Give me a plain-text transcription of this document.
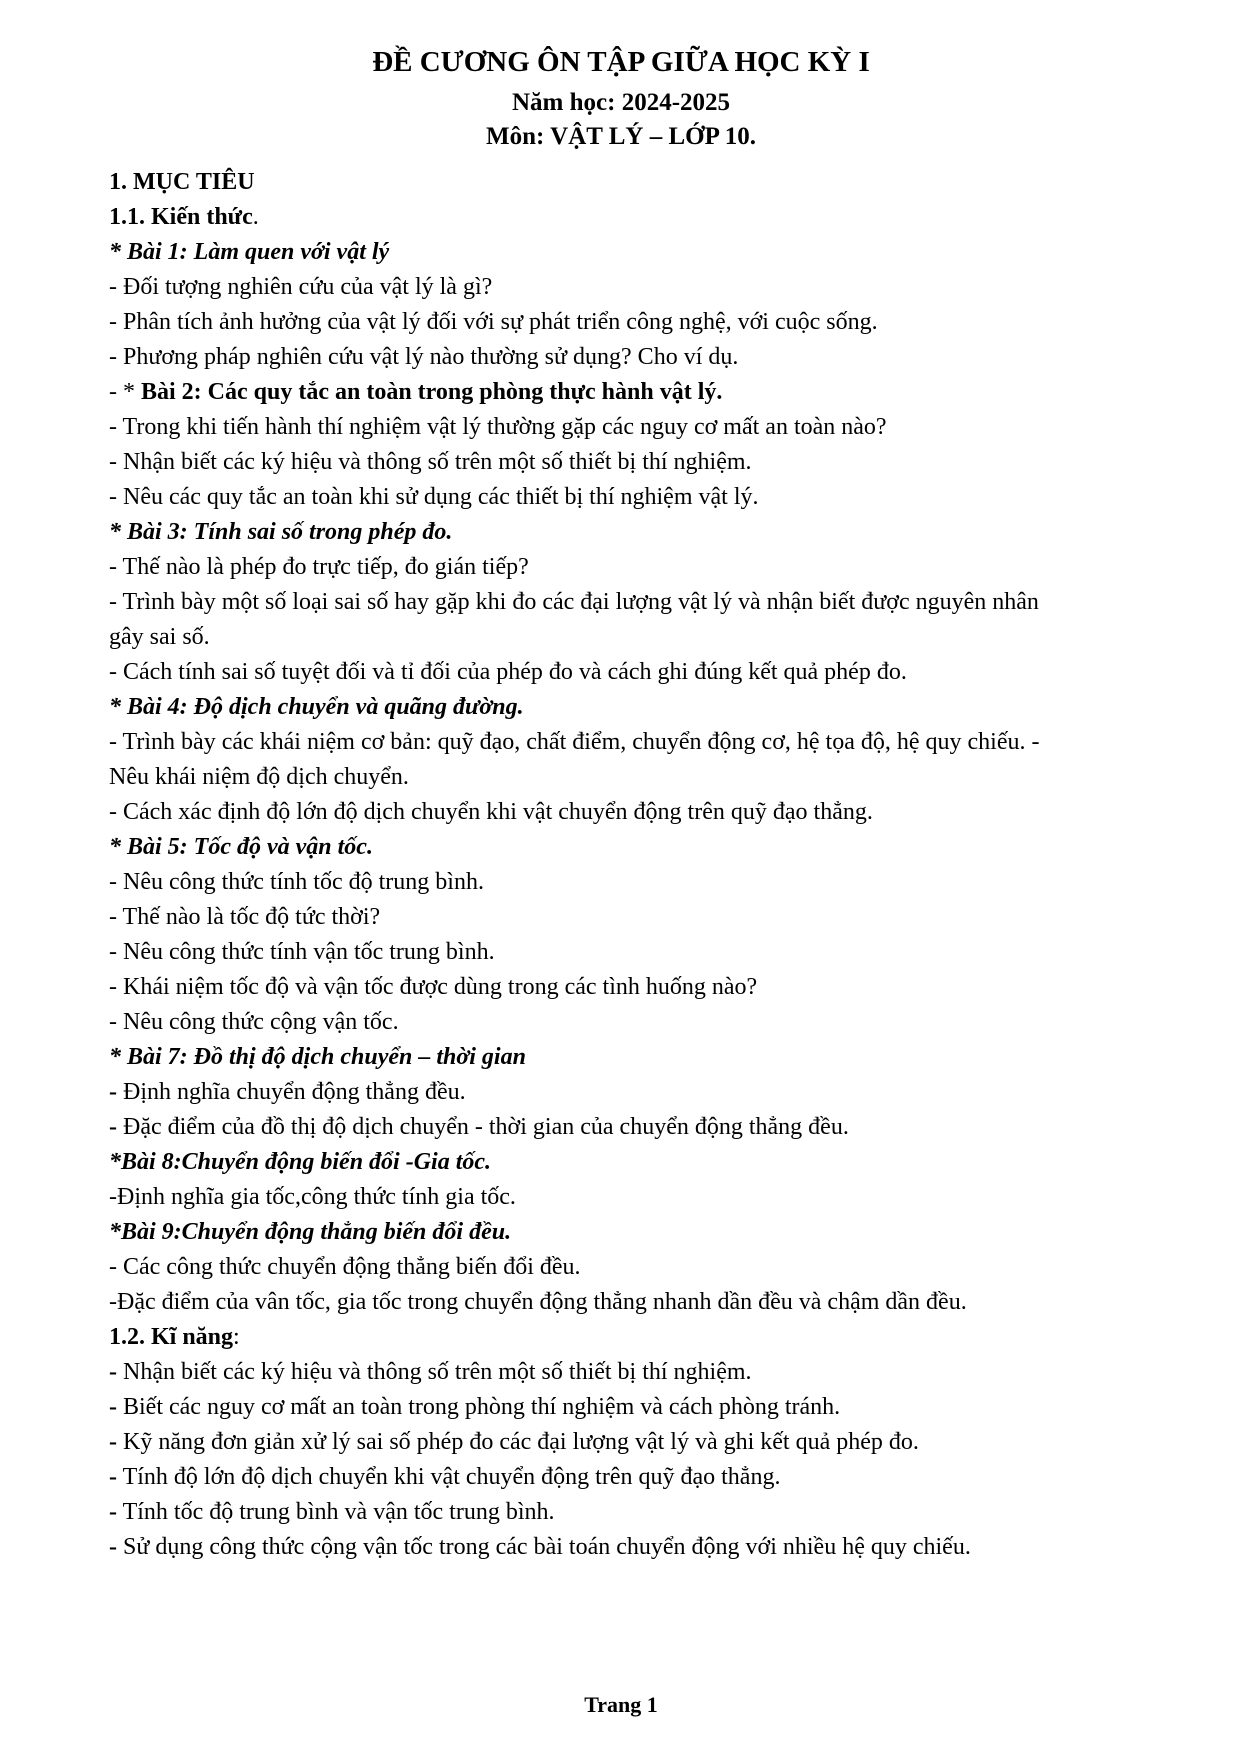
ĐỀ CƯƠNG ÔN TẬP GIỮA HỌC KỲ I

Năm học: 2024-2025

Môn: VẬT LÝ – LỚP 10.

1. MỤC TIÊU

1.1. Kiến thức.

* Bài 1: Làm quen với vật lý

- Đối tượng nghiên cứu của vật lý là gì?

- Phân tích ảnh hưởng của vật lý đối với sự phát triển công nghệ, với cuộc sống.

- Phương pháp nghiên cứu vật lý nào thường sử dụng? Cho ví dụ.

- * Bài 2: Các quy tắc an toàn trong phòng thực hành vật lý.

- Trong khi tiến hành thí nghiệm vật lý thường gặp các nguy cơ mất an toàn nào?

- Nhận biết các ký hiệu và thông số trên một số thiết bị thí nghiệm.

- Nêu các quy tắc an toàn khi sử dụng các thiết bị thí nghiệm vật lý.

* Bài 3: Tính sai số trong phép đo.

- Thế nào là phép đo trực tiếp, đo gián tiếp?

- Trình bày một số loại sai số hay gặp khi đo các đại lượng vật lý và nhận biết được nguyên nhân

gây sai số.

- Cách tính sai số tuyệt đối và tỉ đối của phép đo và cách ghi đúng kết quả phép đo.

* Bài 4: Độ dịch chuyển và quãng đường.

- Trình bày các khái niệm cơ bản: quỹ đạo, chất điểm, chuyển động cơ, hệ tọa độ, hệ quy chiếu. -

Nêu khái niệm độ dịch chuyển.

- Cách xác định độ lớn độ dịch chuyển khi vật chuyển động trên quỹ đạo thẳng.

* Bài 5: Tốc độ và vận tốc.

- Nêu công thức tính tốc độ trung bình.

- Thế nào là tốc độ tức thời?

- Nêu công thức tính vận tốc trung bình.

- Khái niệm tốc độ và vận tốc được dùng trong các tình huống nào?

- Nêu công thức cộng vận tốc.

* Bài 7: Đồ thị độ dịch chuyển – thời gian

- Định nghĩa chuyển động thẳng đều.

- Đặc điểm của đồ thị độ dịch chuyển - thời gian của chuyển động thẳng đều.

*Bài 8:Chuyển động biến đổi -Gia tốc.

-Định nghĩa gia tốc,công thức tính gia tốc.

*Bài 9:Chuyển động thẳng biến đổi đều.

- Các công thức chuyển động thẳng biến đổi đều.

-Đặc điểm của vân tốc, gia tốc trong chuyển động thẳng nhanh dần đều và chậm dần đều.

1.2. Kĩ năng:

- Nhận biết các ký hiệu và thông số trên một số thiết bị thí nghiệm.

- Biết các nguy cơ mất an toàn trong phòng thí nghiệm và cách phòng tránh.

- Kỹ năng đơn giản xử lý sai số phép đo các đại lượng vật lý và ghi kết quả phép đo.

- Tính độ lớn độ dịch chuyển khi vật chuyển động trên quỹ đạo thẳng.

- Tính tốc độ trung bình và vận tốc trung bình.

- Sử dụng công thức cộng vận tốc trong các bài toán chuyển động với nhiều hệ quy chiếu.

Trang 1
